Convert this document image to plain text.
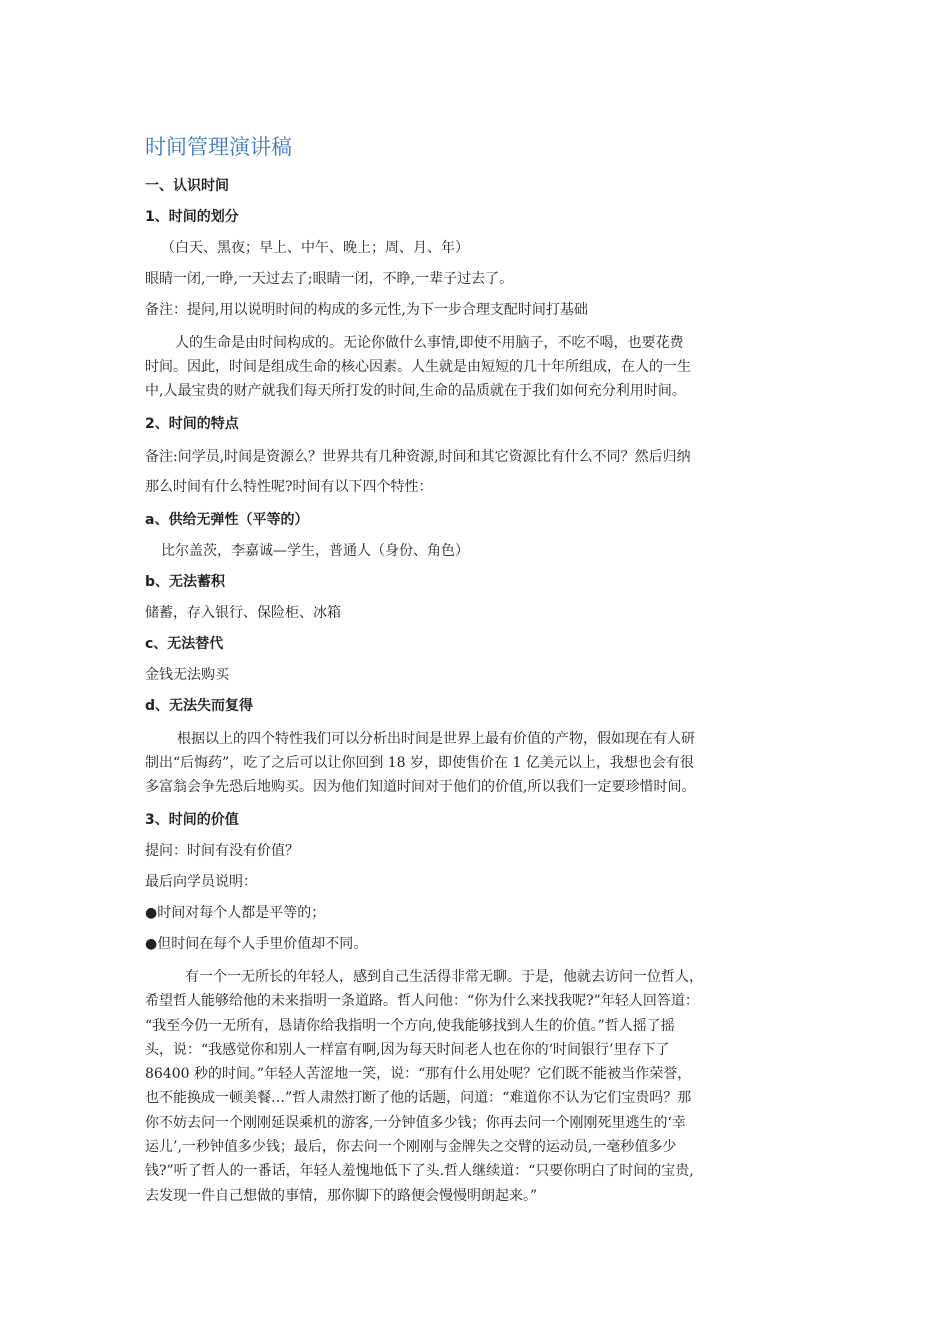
时间管理演讲稿
一、认识时间
1、时间的划分
（白天、黑夜；早上、中午、晚上；周、月、年）
眼睛一闭,一睁,一天过去了;眼睛一闭，不睁,一辈子过去了。
备注：提问,用以说明时间的构成的多元性,为下一步合理支配时间打基础
人的生命是由时间构成的。无论你做什么事情,即使不用脑子，不吃不喝，也要花费
时间。因此，时间是组成生命的核心因素。人生就是由短短的几十年所组成，在人的一生
中,人最宝贵的财产就我们每天所打发的时间,生命的品质就在于我们如何充分利用时间。
2、时间的特点
备注:问学员,时间是资源么？世界共有几种资源,时间和其它资源比有什么不同？然后归纳
那么时间有什么特性呢?时间有以下四个特性：
a、供给无弹性（平等的）
比尔盖茨，李嘉诚—学生，普通人（身份、角色）
b、无法蓄积
储蓄，存入银行、保险柜、冰箱
c、无法替代
金钱无法购买
d、无法失而复得
根据以上的四个特性我们可以分析出时间是世界上最有价值的产物，假如现在有人研
制出“后悔药”，吃了之后可以让你回到 18 岁，即使售价在 1 亿美元以上，我想也会有很
多富翁会争先恐后地购买。因为他们知道时间对于他们的价值,所以我们一定要珍惜时间。
3、时间的价值
提问：时间有没有价值？
最后向学员说明：
●时间对每个人都是平等的；
●但时间在每个人手里价值却不同。
有一个一无所长的年轻人，感到自己生活得非常无聊。于是，他就去访问一位哲人，
希望哲人能够给他的未来指明一条道路。哲人问他：“你为什么来找我呢?”年轻人回答道：
“我至今仍一无所有，恳请你给我指明一个方向,使我能够找到人生的价值。”哲人摇了摇
头，说：“我感觉你和别人一样富有啊,因为每天时间老人也在你的‘时间银行’里存下了
86400 秒的时间。”年轻人苦涩地一笑，说：“那有什么用处呢？它们既不能被当作荣誉，
也不能换成一顿美餐…”哲人肃然打断了他的话题，问道：“难道你不认为它们宝贵吗？那
你不妨去问一个刚刚延误乘机的游客,一分钟值多少钱；你再去问一个刚刚死里逃生的‘幸
运儿’,一秒钟值多少钱；最后，你去问一个刚刚与金牌失之交臂的运动员,一毫秒值多少
钱?”听了哲人的一番话，年轻人羞愧地低下了头.哲人继续道：“只要你明白了时间的宝贵,
去发现一件自己想做的事情，那你脚下的路便会慢慢明朗起来。”
